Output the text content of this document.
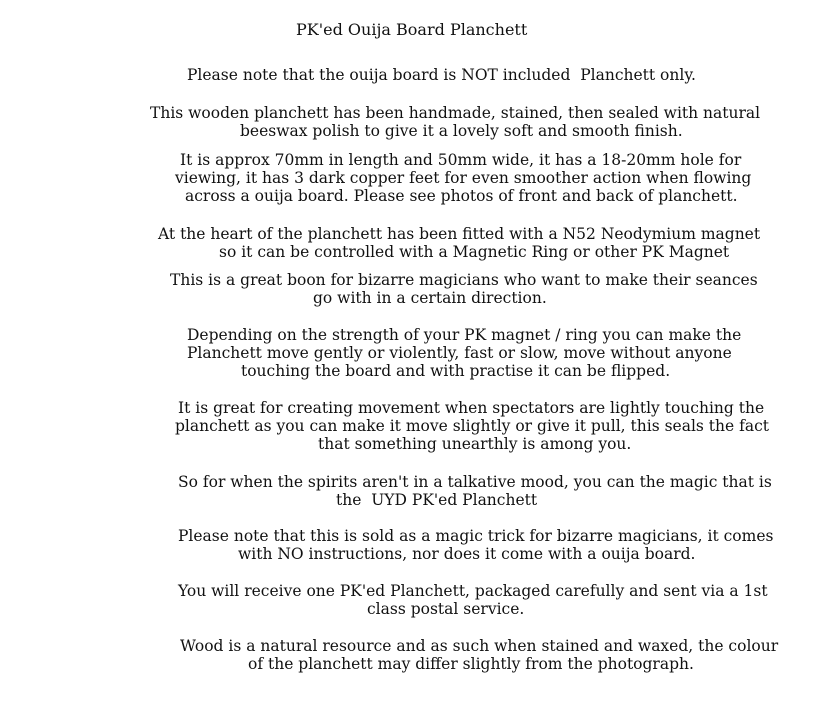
PK'ed Ouija Board Planchett

Please note that the ouija board is NOT included  Planchett only.

This wooden planchett has been handmade, stained, then sealed with natural

beeswax polish to give it a lovely soft and smooth finish.

It is approx 70mm in length and 50mm wide, it has a 18-20mm hole for

viewing, it has 3 dark copper feet for even smoother action when flowing

across a ouija board. Please see photos of front and back of planchett.

At the heart of the planchett has been fitted with a N52 Neodymium magnet

so it can be controlled with a Magnetic Ring or other PK Magnet

This is a great boon for bizarre magicians who want to make their seances

go with in a certain direction.

Depending on the strength of your PK magnet / ring you can make the

Planchett move gently or violently, fast or slow, move without anyone

touching the board and with practise it can be flipped.

It is great for creating movement when spectators are lightly touching the

planchett as you can make it move slightly or give it pull, this seals the fact

that something unearthly is among you.

So for when the spirits aren't in a talkative mood, you can the magic that is

the  UYD PK'ed Planchett

Please note that this is sold as a magic trick for bizarre magicians, it comes

with NO instructions, nor does it come with a ouija board.

You will receive one PK'ed Planchett, packaged carefully and sent via a 1st

class postal service.

Wood is a natural resource and as such when stained and waxed, the colour

of the planchett may differ slightly from the photograph.
